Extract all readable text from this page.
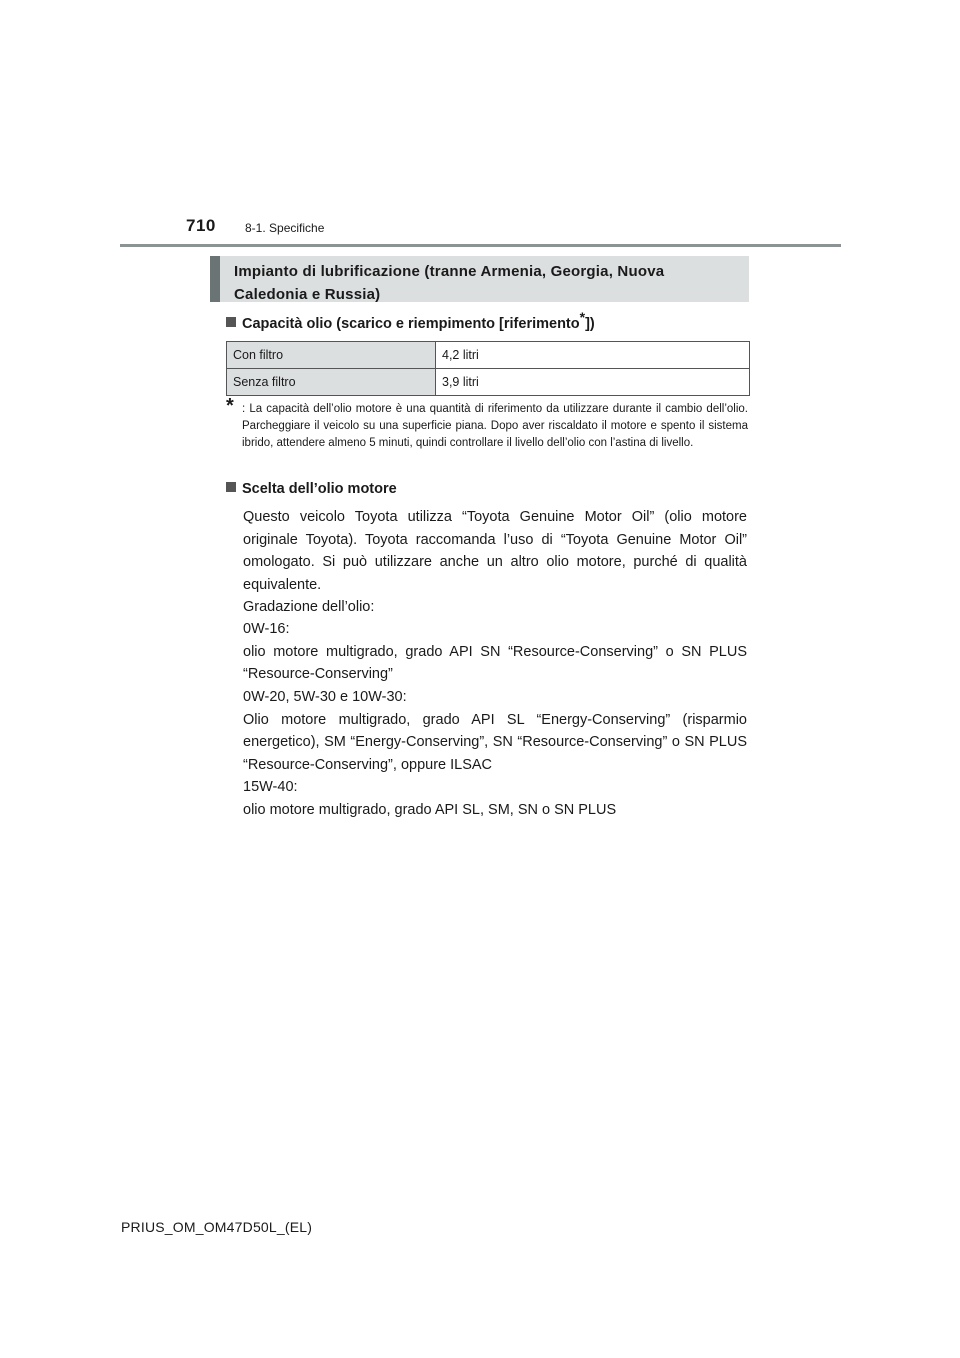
710 8-1. Specifiche
Impianto di lubrificazione (tranne Armenia, Georgia, Nuova Caledonia e Russia)
Capacità olio (scarico e riempimento [riferimento*])
Con filtro	4,2 litri
Senza filtro	3,9 litri
* : La capacità dell’olio motore è una quantità di riferimento da utilizzare durante il cambio dell’olio. Parcheggiare il veicolo su una superficie piana. Dopo aver riscaldato il motore e spento il sistema ibrido, attendere almeno 5 minuti, quindi controllare il livello dell’olio con l’astina di livello.
Scelta dell’olio motore
Questo veicolo Toyota utilizza “Toyota Genuine Motor Oil” (olio motore originale Toyota). Toyota raccomanda l’uso di “Toyota Genuine Motor Oil” omologato. Si può utilizzare anche un altro olio motore, purché di qualità equivalente.
Gradazione dell’olio:
0W-16:
olio motore multigrado, grado API SN “Resource-Conserving” o SN PLUS “Resource-Conserving”
0W-20, 5W-30 e 10W-30:
Olio motore multigrado, grado API SL “Energy-Conserving” (risparmio energetico), SM “Energy-Conserving”, SN “Resource-Conserving” o SN PLUS “Resource-Conserving”, oppure ILSAC
15W-40:
olio motore multigrado, grado API SL, SM, SN o SN PLUS
PRIUS_OM_OM47D50L_(EL)
